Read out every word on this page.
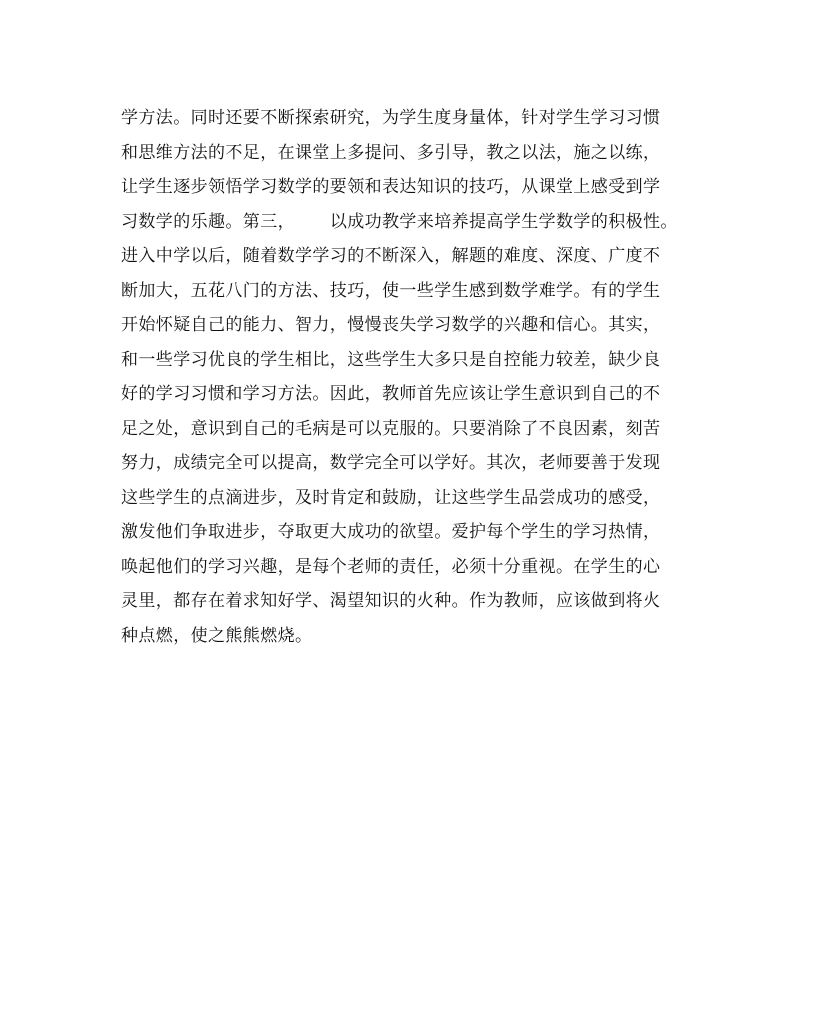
学方法。同时还要不断探索研究，为学生度身量体，针对学生学习习惯
和思维方法的不足，在课堂上多提问、多引导，教之以法，施之以练，
让学生逐步领悟学习数学的要领和表达知识的技巧，从课堂上感受到学
习数学的乐趣。第三，      以成功教学来培养提高学生学数学的积极性。
进入中学以后，随着数学学习的不断深入，解题的难度、深度、广度不
断加大，五花八门的方法、技巧，使一些学生感到数学难学。有的学生
开始怀疑自己的能力、智力，慢慢丧失学习数学的兴趣和信心。其实，
和一些学习优良的学生相比，这些学生大多只是自控能力较差，缺少良
好的学习习惯和学习方法。因此，教师首先应该让学生意识到自己的不
足之处，意识到自己的毛病是可以克服的。只要消除了不良因素，刻苦
努力，成绩完全可以提高，数学完全可以学好。其次，老师要善于发现
这些学生的点滴进步，及时肯定和鼓励，让这些学生品尝成功的感受，
激发他们争取进步，夺取更大成功的欲望。爱护每个学生的学习热情，
唤起他们的学习兴趣，是每个老师的责任，必须十分重视。在学生的心
灵里，都存在着求知好学、渴望知识的火种。作为教师，应该做到将火
种点燃，使之熊熊燃烧。
